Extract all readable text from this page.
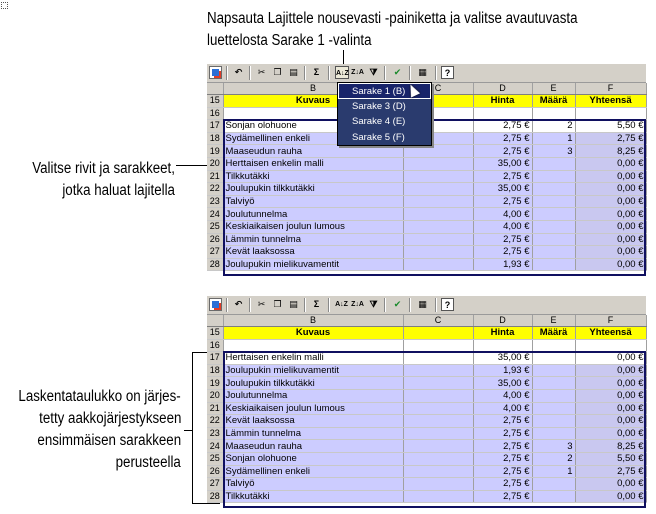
Napsauta Lajittele nousevasti -painiketta ja valitse avautuvasta
luettelosta Sarake 1 -valinta
Valitse rivit ja sarakkeet,
jotka haluat lajitella
Laskentataulukko on järjes-
tetty aakkojärjestykseen
ensimmäisen sarakkeen
perusteella
↶	✂ ❐ ▤	Σ	A↓Z Z↓A ⧩	✔	▦	?
	B	C	D	E	F
15	Kuvaus		Hinta	Määrä	Yhteensä
16					
17	Sonjan olohuone		2,75 €	2	5,50 €
18	Sydämellinen enkeli		2,75 €	1	2,75 €
19	Maaseudun rauha		2,75 €	3	8,25 €
20	Herttaisen enkelin malli		35,00 €		0,00 €
21	Tilkkutäkki		2,75 €		0,00 €
22	Joulupukin tilkkutäkki		35,00 €		0,00 €
23	Talviyö		2,75 €		0,00 €
24	Joulutunnelma		4,00 €		0,00 €
25	Keskiaikaisen joulun lumous		4,00 €		0,00 €
26	Lämmin tunnelma		2,75 €		0,00 €
27	Kevät laaksossa		2,75 €		0,00 €
28	Joulupukin mielikuvamentit		1,93 €		0,00 €
Sarake 1 (B)
Sarake 3 (D)
Sarake 4 (E)
Sarake 5 (F)
↶	✂ ❐ ▤	Σ	A↓Z Z↓A ⧩	✔	▦	?
	B	C	D	E	F
15	Kuvaus		Hinta	Määrä	Yhteensä
16					
17	Herttaisen enkelin malli		35,00 €		0,00 €
18	Joulupukin mielikuvamentit		1,93 €		0,00 €
19	Joulupukin tilkkutäkki		35,00 €		0,00 €
20	Joulutunnelma		4,00 €		0,00 €
21	Keskiaikaisen joulun lumous		4,00 €		0,00 €
22	Kevät laaksossa		2,75 €		0,00 €
23	Lämmin tunnelma		2,75 €		0,00 €
24	Maaseudun rauha		2,75 €	3	8,25 €
25	Sonjan olohuone		2,75 €	2	5,50 €
26	Sydämellinen enkeli		2,75 €	1	2,75 €
27	Talviyö		2,75 €		0,00 €
28	Tilkkutäkki		2,75 €		0,00 €
